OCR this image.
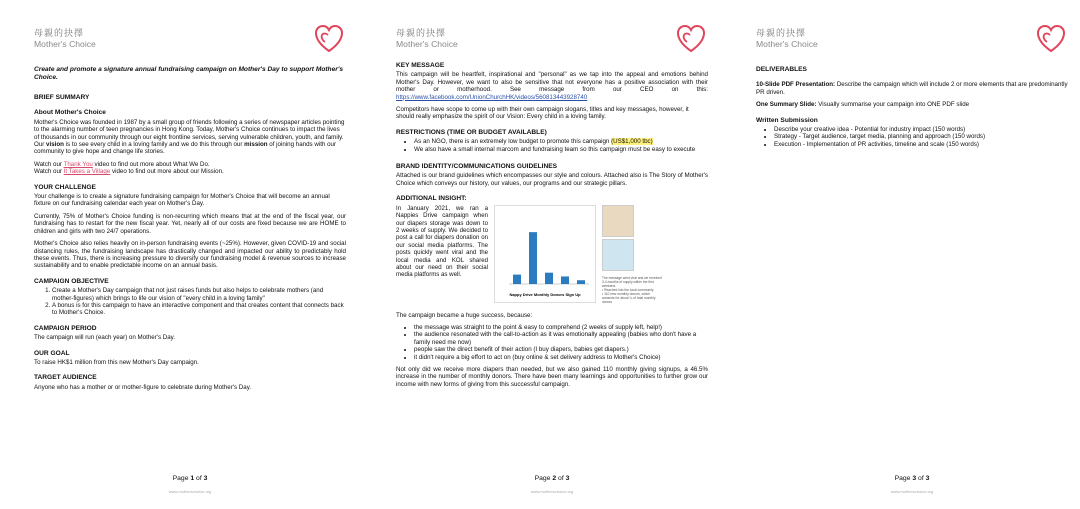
母親的抉擇
Mother's Choice
Create and promote a signature annual fundraising campaign on Mother's Day to support Mother's Choice.
BRIEF SUMMARY
About Mother's Choice

Mother's Choice was founded in 1987 by a small group of friends following a series of newspaper articles pointing to the alarming number of teen pregnancies in Hong Kong. Today, Mother's Choice continues to impact the lives of thousands in our community through our eight frontline services, serving vulnerable children, youth, and family. Our vision is to see every child in a loving family and we do this through our mission of joining hands with our community to give hope and change life stories.

Watch our Thank You video to find out more about What We Do.
Watch our It Takes a Village video to find out more about our Mission.

YOUR CHALLENGE

Your challenge is to create a signature fundraising campaign for Mother's Choice that will become an annual fixture on our fundraising calendar each year on Mother's Day.

Currently, 75% of Mother's Choice funding is non-recurring which means that at the end of the fiscal year, our fundraising has to restart for the new fiscal year. Yet, nearly all of our costs are fixed because we are HOME to children and girls with two 24/7 operations.

Mother's Choice also relies heavily on in-person fundraising events (~25%). However, given COVID-19 and social distancing rules, the fundraising landscape has drastically changed and impacted our ability to predictably hold these events. Thus, there is increasing pressure to diversify our fundraising model & revenue sources to increase sustainability and to enable predictable income on an annual basis.

CAMPAIGN OBJECTIVE
1. Create a Mother's Day campaign that not just raises funds but also helps to celebrate mothers (and mother-figures) which brings to life our vision of "every child in a loving family"
2. A bonus is for this campaign to have an interactive component and that creates content that connects back to Mother's Choice.
CAMPAIGN PERIOD

The campaign will run (each year) on Mother's Day.

OUR GOAL

To raise HK$1 million from this new Mother's Day campaign.

TARGET AUDIENCE

Anyone who has a mother or or mother-figure to celebrate during Mother's Day.

Page 1 of 3
www.motherschoice.org
母親的抉擇
Mother's Choice
KEY MESSAGE

This campaign will be heartfelt, inspirational and "personal" as we tap into the appeal and emotions behind Mother's Day. However, we want to also be sensitive that not everyone has a positive association with their mother or motherhood. See message from our CEO on this: https://www.facebook.com/UnionChurchHK/videos/560813443928740

Competitors have scope to come up with their own campaign slogans, titles and key messages, however, it should really emphasize the spirit of our Vision: Every child in a loving family.

RESTRICTIONS (TIME OR BUDGET AVAILABLE)
• As an NGO, there is an extremely low budget to promote this campaign (US$1,000 tbc)
• We also have a small internal marcom and fundraising team so this campaign must be easy to execute
BRAND IDENTITY/COMMUNICATIONS GUIDELINES

Attached is our brand guidelines which encompasses our style and colours. Attached also is The Story of Mother's Choice which conveys our history, our values, our programs and our strategic pillars.

ADDITIONAL INSIGHT:
In January 2021, we ran a Nappies Drive campaign when our diapers storage was down to 2 weeks of supply. We decided to post a call for diapers donation on our social media platforms. The posts quickly went viral and the local media and KOL shared about our need on their social media platforms as well.
Nappy Drive Monthly Donors Sign Up
The message went viral and we received 3-4 months of supply within the first weekend.
• Reached into the local community
• 110 new monthly donors, which amounts for about ¼ of total monthly donors

The campaign became a huge success, because:

• the message was straight to the point & easy to comprehend (2 weeks of supply left, help!)
• the audience resonated with the call-to-action as it was emotionally appealing (babies who don't have a family need me now)
• people saw the direct benefit of their action (I buy diapers, babies get diapers.)
• it didn't require a big effort to act on (buy online & set delivery address to Mother's Choice)

Not only did we receive more diapers than needed, but we also gained 110 monthly giving signups, a 46.5% increase in the number of monthly donors. There have been many learnings and opportunities to further grow our income with new forms of giving from this successful campaign.

Page 2 of 3
www.motherschoice.org
母親的抉擇
Mother's Choice
DELIVERABLES

10-Slide PDF Presentation: Describe the campaign which will include 2 or more elements that are predominantly PR driven.

One Summary Slide: Visually summarise your campaign into ONE PDF slide

Written Submission
• Describe your creative idea - Potential for industry impact (150 words)
• Strategy - Target audience, target media, planning and approach (150 words)
• Execution - Implementation of PR activities, timeline and scale (150 words)
Page 3 of 3
www.motherschoice.org
